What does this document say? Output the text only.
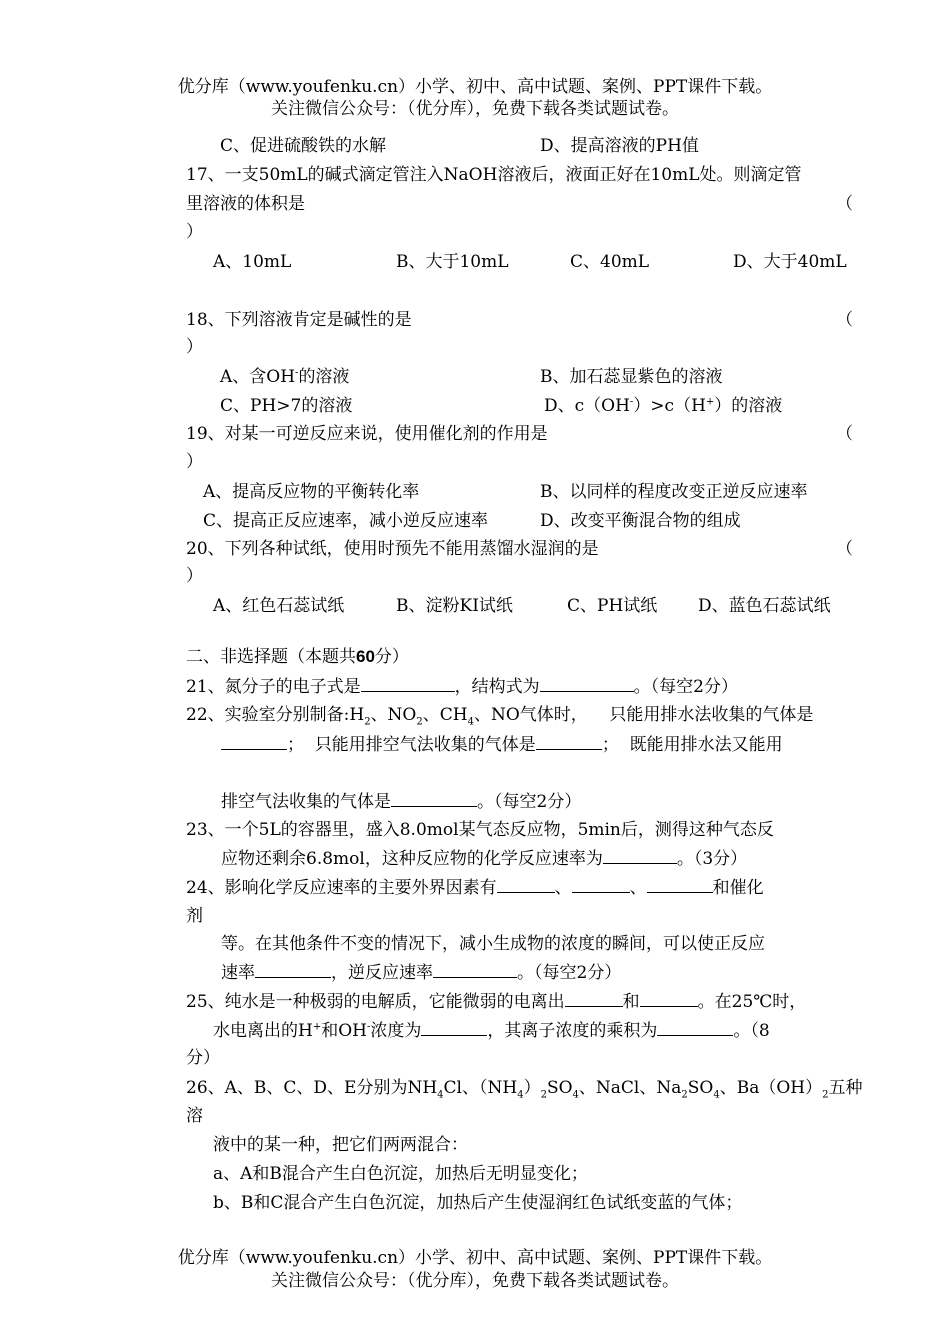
优分库（www.youfenku.cn）小学、初中、高中试题、案例、PPT课件下载。
关注微信公众号：（优分库），免费下载各类试题试卷。
C、促进硫酸铁的水解	D、提高溶液的PH值
17、一支50mL的碱式滴定管注入NaOH溶液后，液面正好在10mL处。则滴定管
里溶液的体积是	（
）
A、10mL	B、大于10mL	C、40mL	D、大于40mL
18、下列溶液肯定是碱性的是	（
）
A、含OH-的溶液	B、加石蕊显紫色的溶液
C、PH>7的溶液	D、c（OH-）>c（H+）的溶液
19、对某一可逆反应来说，使用催化剂的作用是	（
）
A、提高反应物的平衡转化率	B、以同样的程度改变正逆反应速率
C、提高正反应速率，减小逆反应速率	D、改变平衡混合物的组成
20、下列各种试纸，使用时预先不能用蒸馏水湿润的是	（
）
A、红色石蕊试纸	B、淀粉KI试纸	C、PH试纸 D、蓝色石蕊试纸
二、非选择题（本题共60分）
21、氮分子的电子式是	，结构式为	。（每空2分）
22、实验室分别制备$:H_2$、$NO_2$、$CH_4$、NO气体时， 只能用排水法收集的气体是
； 只能用排空气法收集的气体是	； 既能用排水法又能用
排空气法收集的气体是	。（每空2分）
23、一个5L的容器里，盛入8.0mol某气态反应物，5min后，测得这种气态反
应物还剩余6.8mol，这种反应物的化学反应速率为	。（3分）
24、影响化学反应速率的主要外界因素有	、	、	和催化
剂
等。在其他条件不变的情况下，减小生成物的浓度的瞬间，可以使正反应
速率	，逆反应速率	。（每空2分）
25、纯水是一种极弱的电解质，它能微弱的电离出	和	。在25℃时，
水电离出的H+和OH-浓度为	，其离子浓度的乘积为	。（8
分）
26、A、B、C、D、E分别为$NH_4Cl$、$(NH_4)_2SO_4$、NaCl、$Na_2SO_4$、$Ba(OH)_2$五种
溶
液中的某一种，把它们两两混合：
a、A和B混合产生白色沉淀，加热后无明显变化；
b、B和C混合产生白色沉淀，加热后产生使湿润红色试纸变蓝的气体；
优分库（www.youfenku.cn）小学、初中、高中试题、案例、PPT课件下载。
关注微信公众号：（优分库），免费下载各类试题试卷。
